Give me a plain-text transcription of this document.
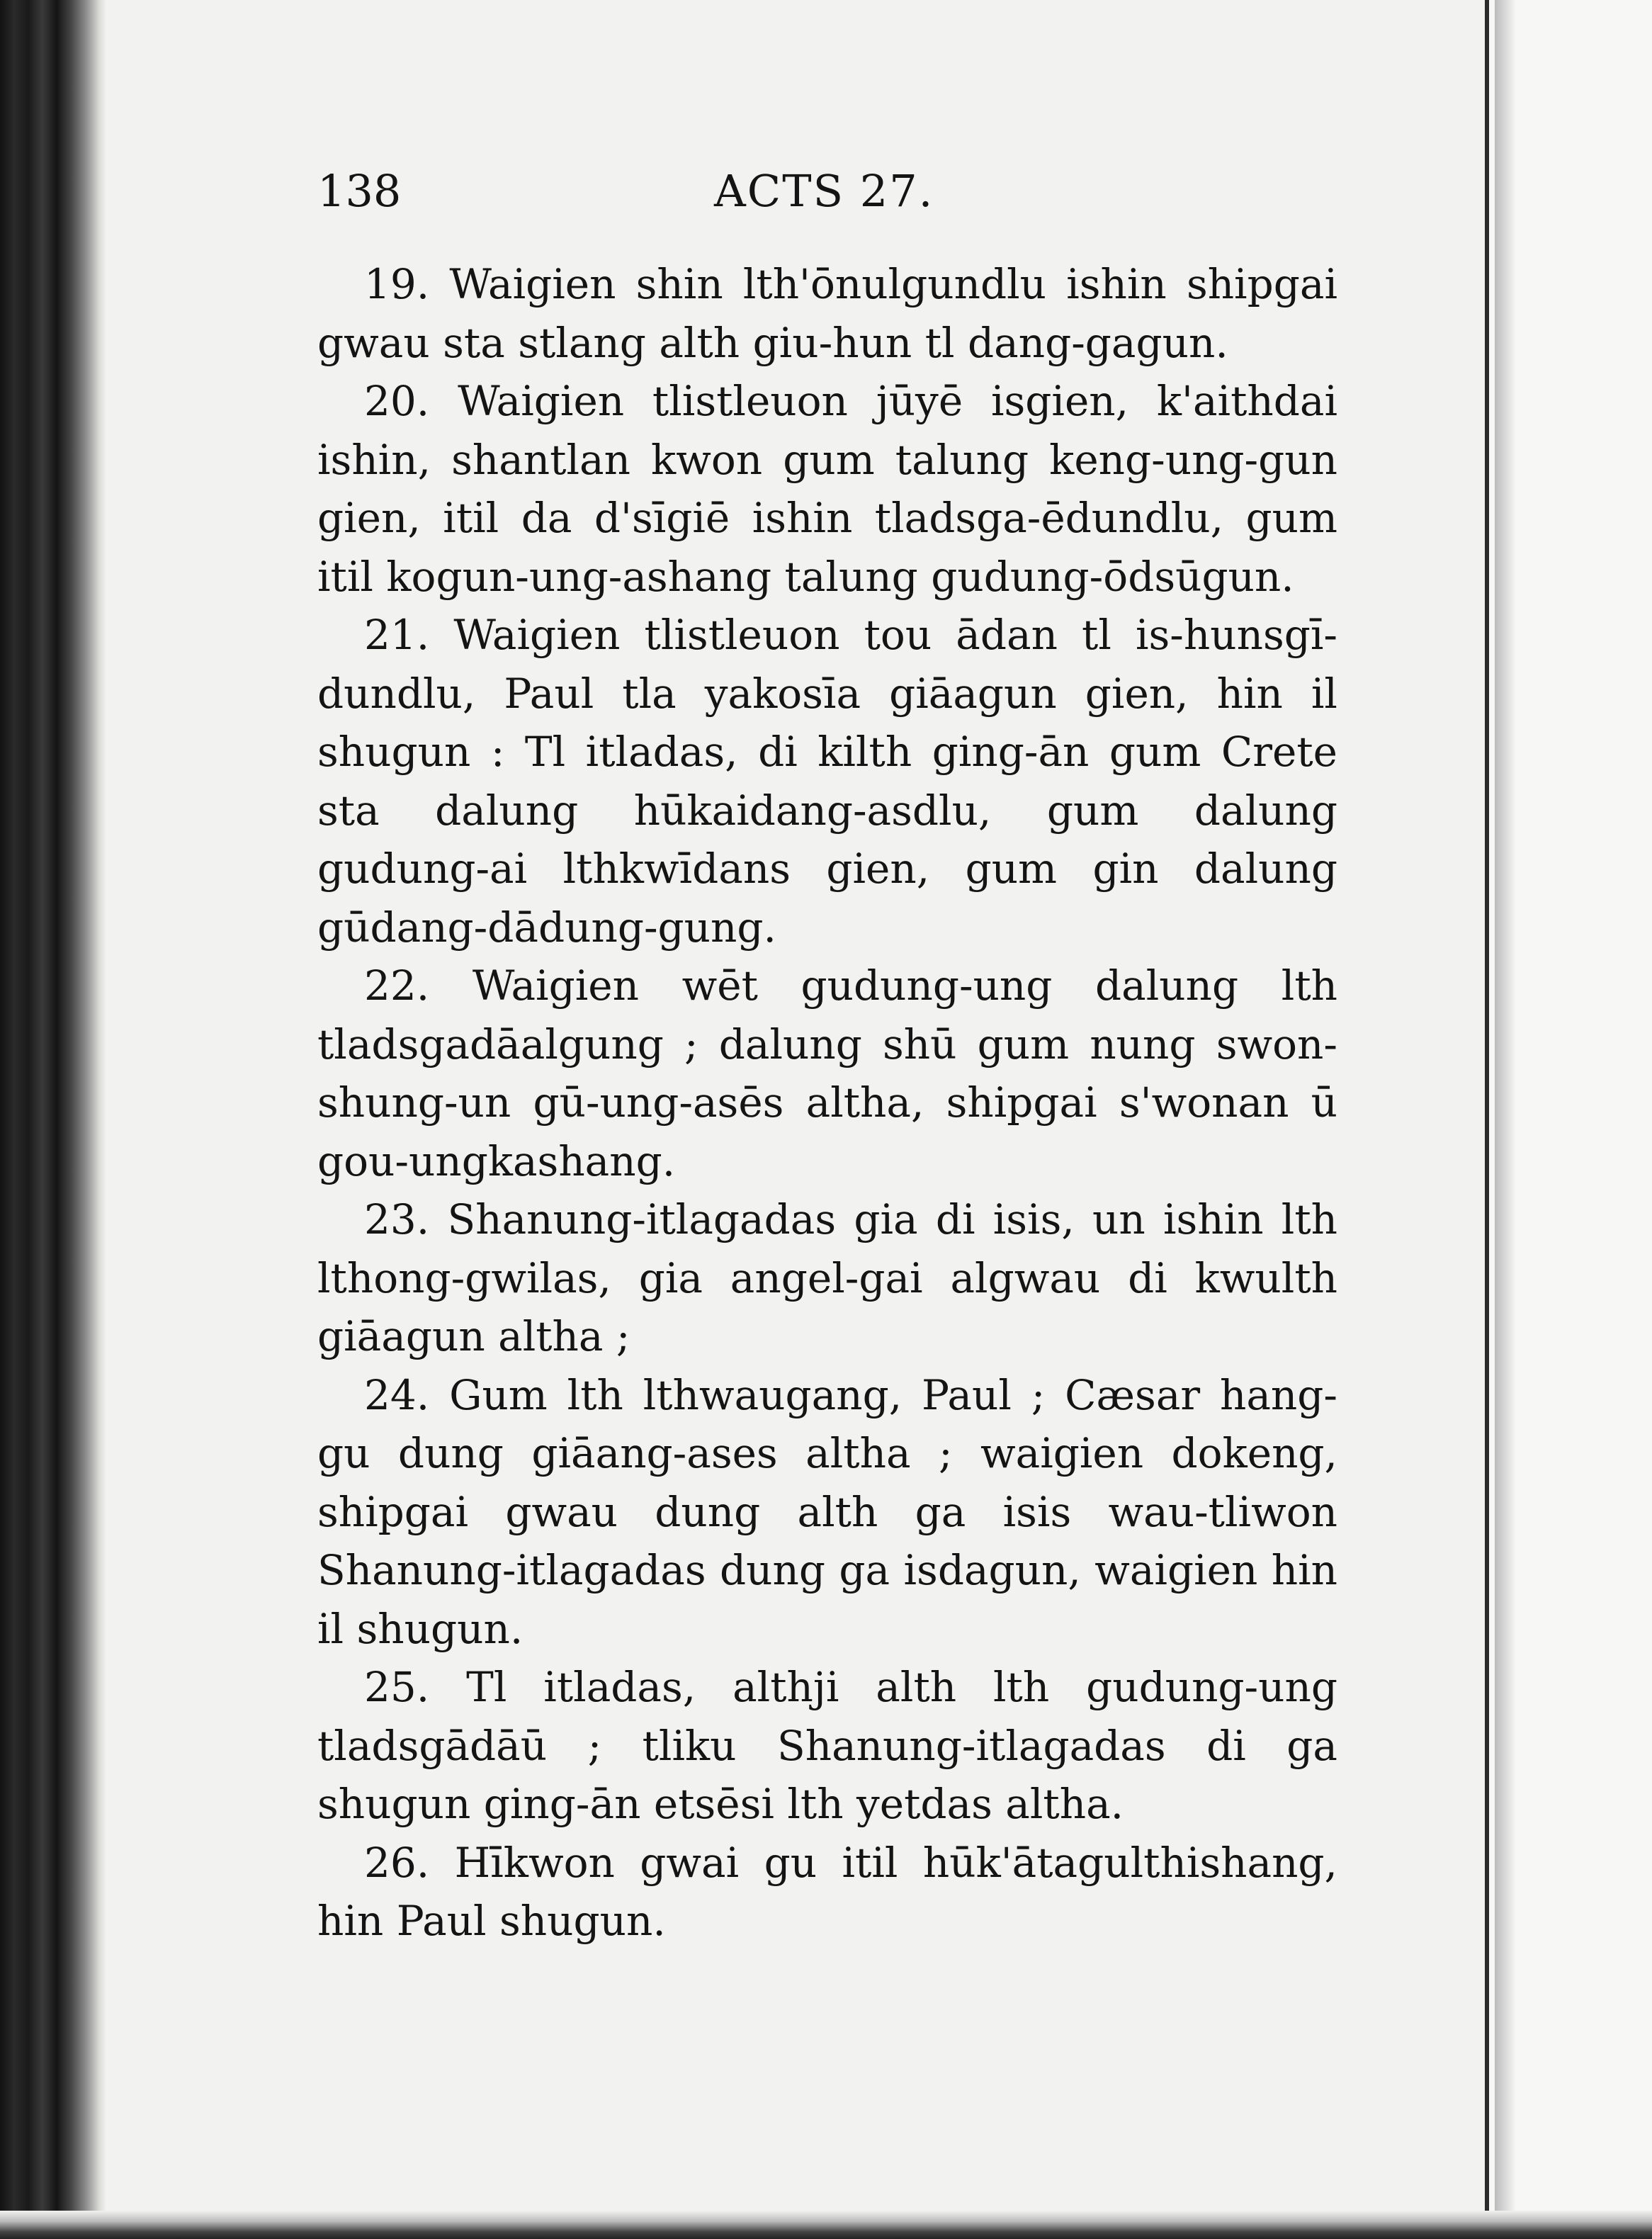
138	ACTS 27.

19. Waigien shin lth'ōnulgundlu ishin shipgai gwau sta stlang alth giu-hun tl dang-gagun.

20. Waigien tlistleuon jūyē isgien, k'aithdai ishin, shantlan kwon gum talung keng-ung-gun gien, itil da d'sīgiē ishin tladsga-ēdundlu, gum itil kogun-ung-ashang talung gudung-ōdsūgun.

21. Waigien tlistleuon tou ādan tl is-hunsgī-dundlu, Paul tla yakosīa giāagun gien, hin il shugun : Tl itladas, di kilth ging-ān gum Crete sta dalung hūkaidang-asdlu, gum dalung gudung-ai lthkwīdans gien, gum gin dalung gūdang-dādung-gung.

22. Waigien wēt gudung-ung dalung lth tladsgadāalgung ; dalung shū gum nung swon-shung-un gū-ung-asēs altha, shipgai s'wonan ū gou-ungkashang.

23. Shanung-itlagadas gia di isis, un ishin lth lthong-gwilas, gia angel-gai algwau di kwulth giāagun altha ;

24. Gum lth lthwaugang, Paul ; Cæsar hang-gu dung giāang-ases altha ; waigien dokeng, shipgai gwau dung alth ga isis wau-tliwon Shanung-itlagadas dung ga isdagun, waigien hin il shugun.

25. Tl itladas, althji alth lth gudung-ung tladsgādāū ; tliku Shanung-itlagadas di ga shugun ging-ān etsēsi lth yetdas altha.

26. Hīkwon gwai gu itil hūk'ātagulthishang, hin Paul shugun.
